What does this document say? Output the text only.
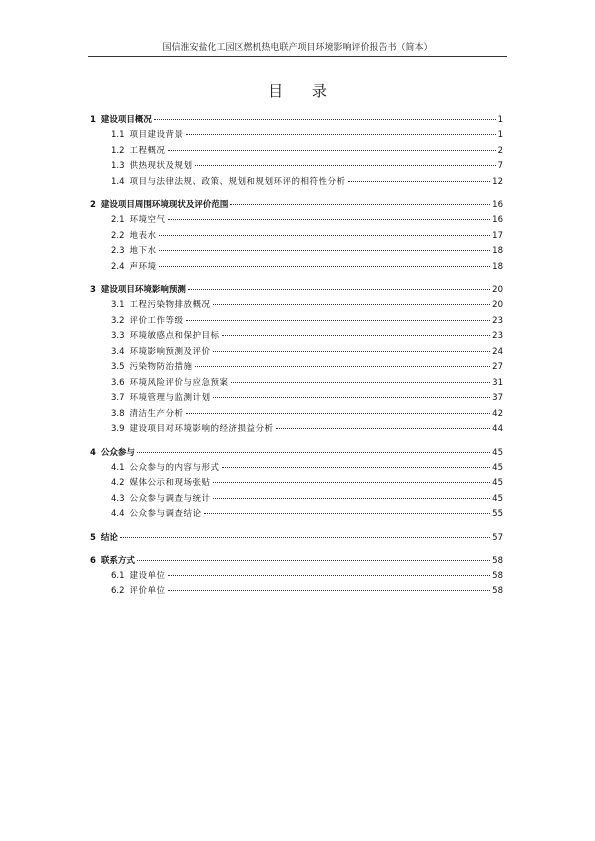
国信淮安盐化工园区燃机热电联产项目环境影响评价报告书（简本）
目 录
1 建设项目概况	1
1.1 项目建设背景	1
1.2 工程概况	2
1.3 供热现状及规划	7
1.4 项目与法律法规、政策、规划和规划环评的相符性分析	12
2 建设项目周围环境现状及评价范围	16
2.1 环境空气	16
2.2 地表水	17
2.3 地下水	18
2.4 声环境	18
3 建设项目环境影响预测	20
3.1 工程污染物排放概况	20
3.2 评价工作等级	23
3.3 环境敏感点和保护目标	23
3.4 环境影响预测及评价	24
3.5 污染物防治措施	27
3.6 环境风险评价与应急预案	31
3.7 环境管理与监测计划	37
3.8 清洁生产分析	42
3.9 建设项目对环境影响的经济损益分析	44
4 公众参与	45
4.1 公众参与的内容与形式	45
4.2 媒体公示和现场张贴	45
4.3 公众参与调查与统计	45
4.4 公众参与调查结论	55
5 结论	57
6 联系方式	58
6.1 建设单位	58
6.2 评价单位	58
